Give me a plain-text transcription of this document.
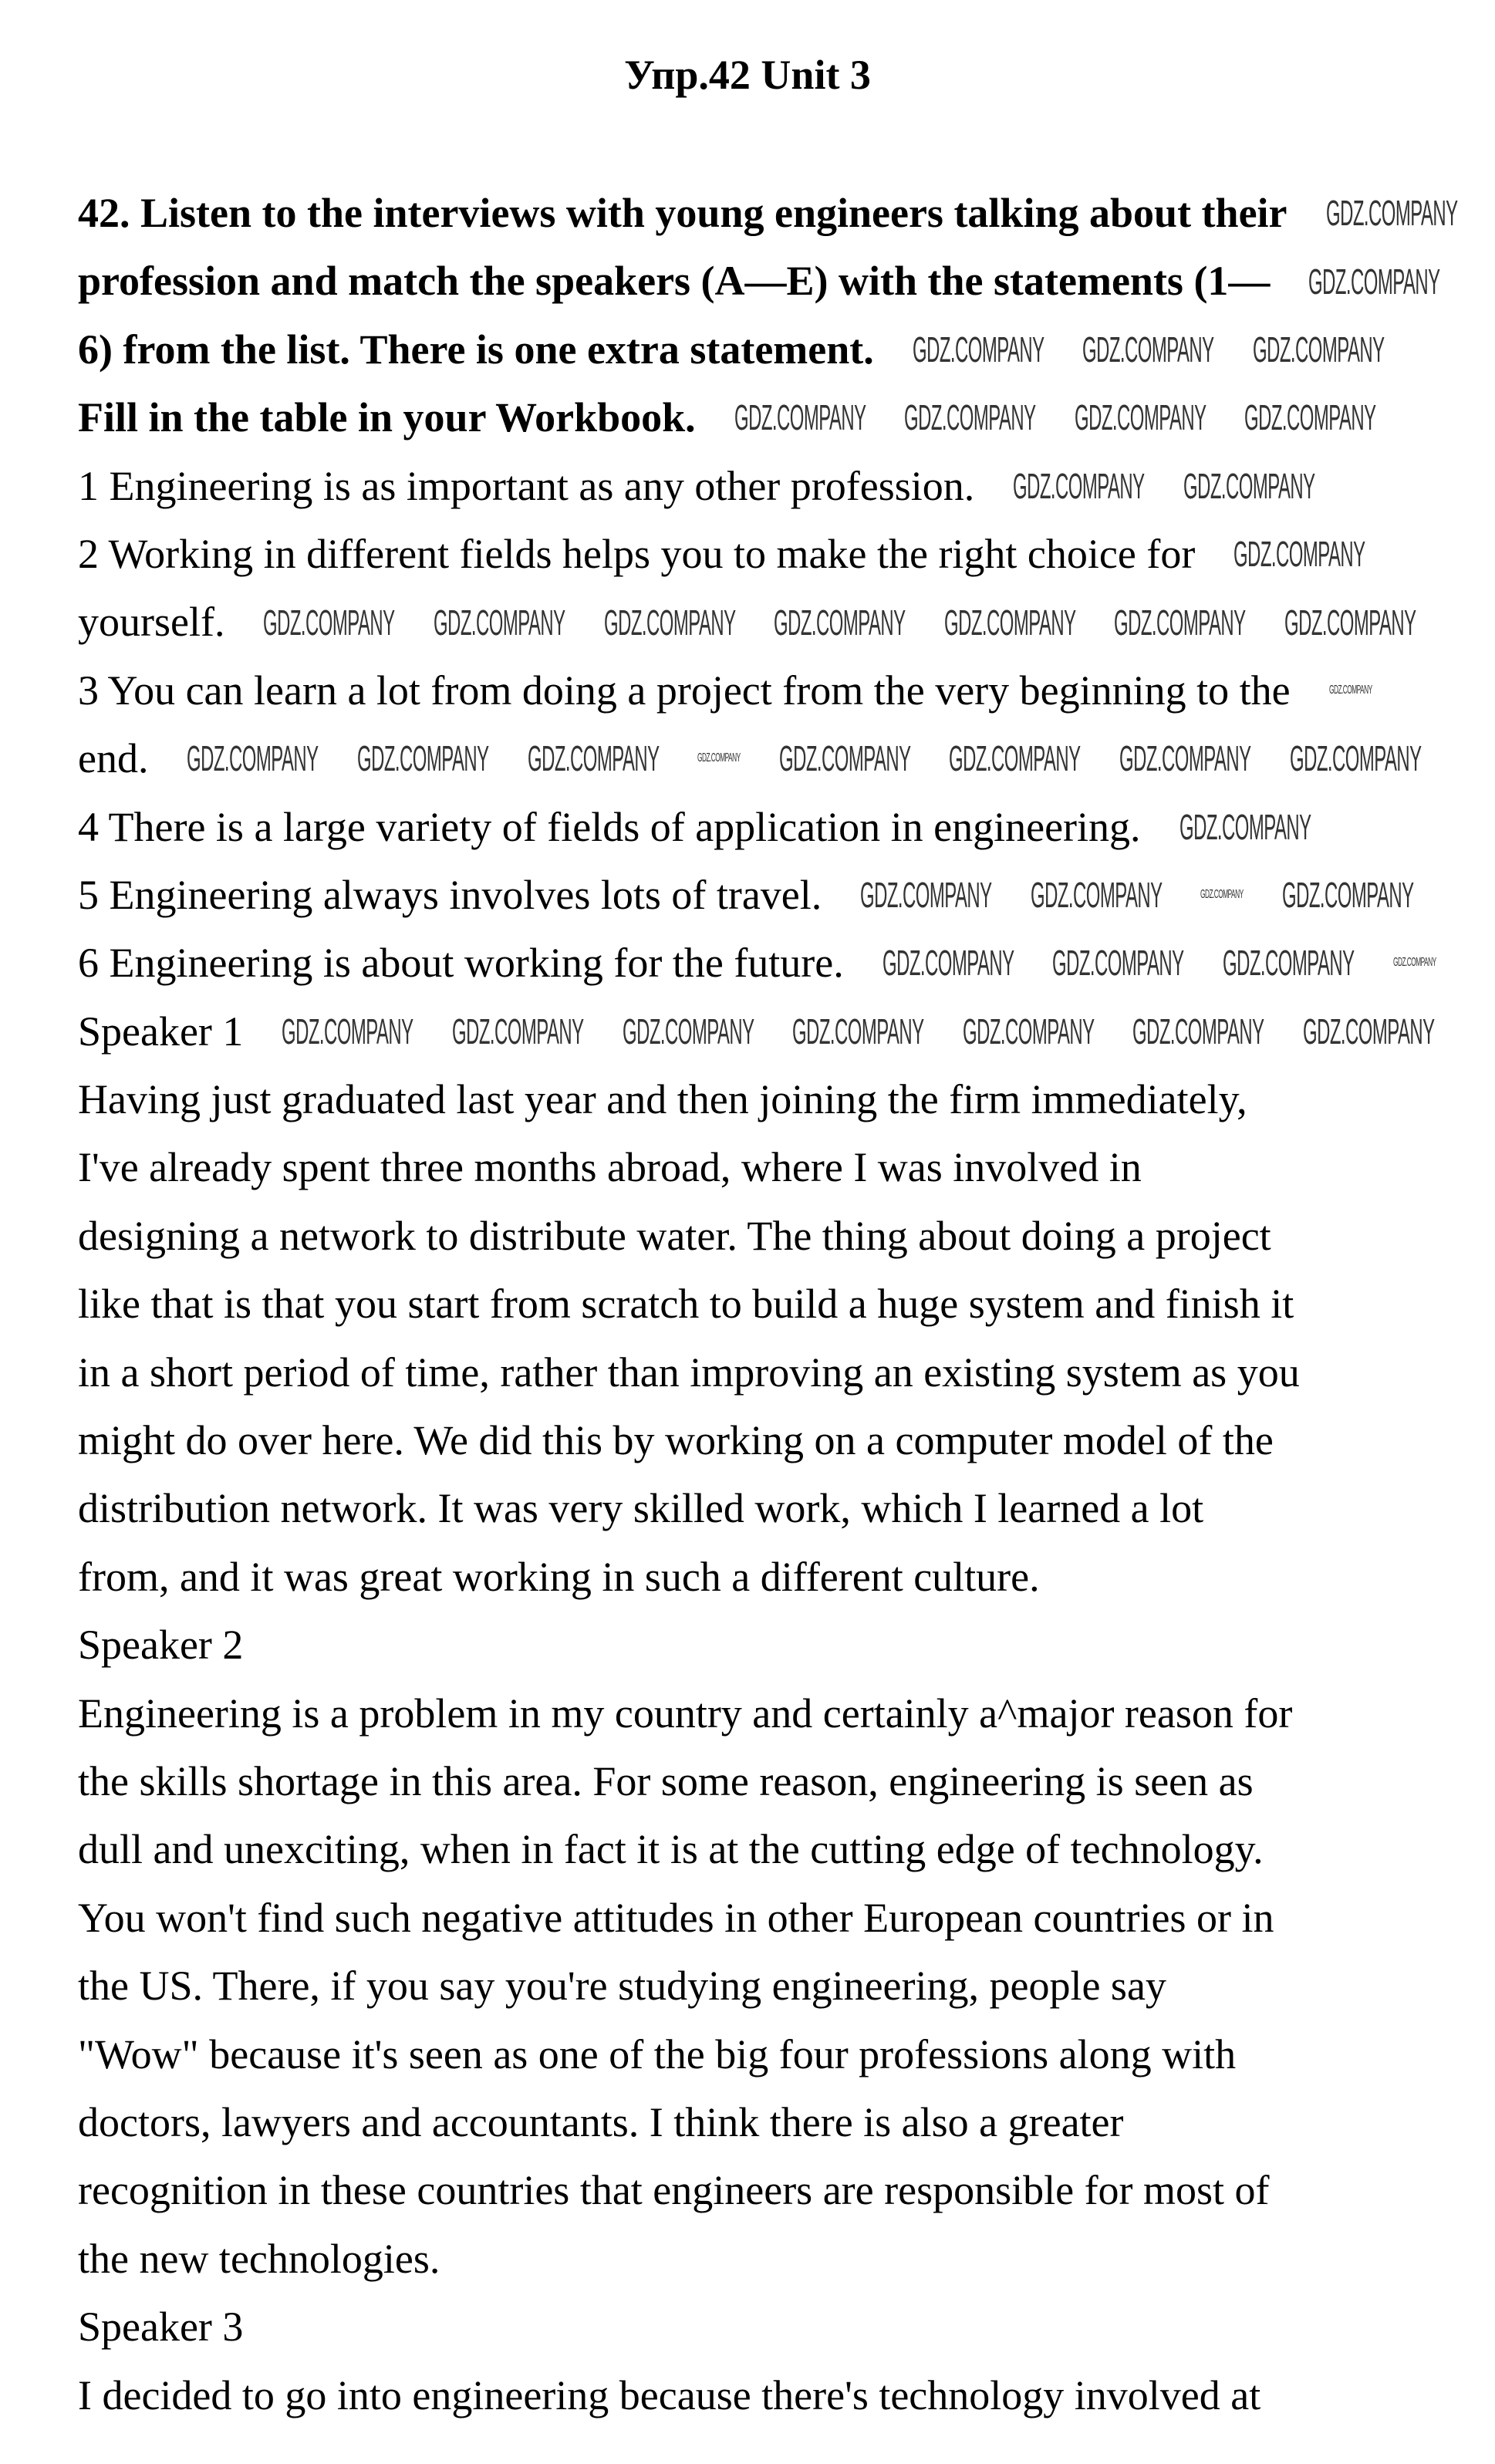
Упр.42 Unit 3
42. Listen to the interviews with young engineers talking about their
profession and match the speakers (A—E) with the statements (1—
6) from the list. There is one extra statement.
Fill in the table in your Workbook.
1 Engineering is as important as any other profession.
2 Working in different fields helps you to make the right choice for
yourself.
3 You can learn a lot from doing a project from the very beginning to the
end.
4 There is a large variety of fields of application in engineering.
5 Engineering always involves lots of travel.
6 Engineering is about working for the future.
Speaker 1
Having just graduated last year and then joining the firm immediately,
I've already spent three months abroad, where I was involved in
designing a network to distribute water. The thing about doing a project
like that is that you start from scratch to build a huge system and finish it
in a short period of time, rather than improving an existing system as you
might do over here. We did this by working on a computer model of the
distribution network. It was very skilled work, which I learned a lot
from, and it was great working in such a different culture.
Speaker 2
Engineering is a problem in my country and certainly a^major reason for
the skills shortage in this area. For some reason, engineering is seen as
dull and unexciting, when in fact it is at the cutting edge of technology.
You won't find such negative attitudes in other European countries or in
the US. There, if you say you're studying engineering, people say
"Wow" because it's seen as one of the big four professions along with
doctors, lawyers and accountants. I think there is also a greater
recognition in these countries that engineers are responsible for most of
the new technologies.
Speaker 3
I decided to go into engineering because there's technology involved at
GDZ.COMPANY
GDZ.COMPANY
GDZ.COMPANY GDZ.COMPANY GDZ.COMPANY
GDZ.COMPANY GDZ.COMPANY GDZ.COMPANY GDZ.COMPANY
GDZ.COMPANY GDZ.COMPANY
GDZ.COMPANY
GDZ.COMPANY GDZ.COMPANY GDZ.COMPANY GDZ.COMPANY GDZ.COMPANY GDZ.COMPANY GDZ.COMPANY
GDZ.COMPANY
GDZ.COMPANY GDZ.COMPANY GDZ.COMPANY	GDZ.COMPANY GDZ.COMPANY GDZ.COMPANY GDZ.COMPANY GDZ.COMPANY
GDZ.COMPANY
GDZ.COMPANY GDZ.COMPANY	GDZ.COMPANY GDZ.COMPANY
GDZ.COMPANY GDZ.COMPANY GDZ.COMPANY	GDZ.COMPANY
GDZ.COMPANY GDZ.COMPANY GDZ.COMPANY GDZ.COMPANY GDZ.COMPANY GDZ.COMPANY GDZ.COMPANY
